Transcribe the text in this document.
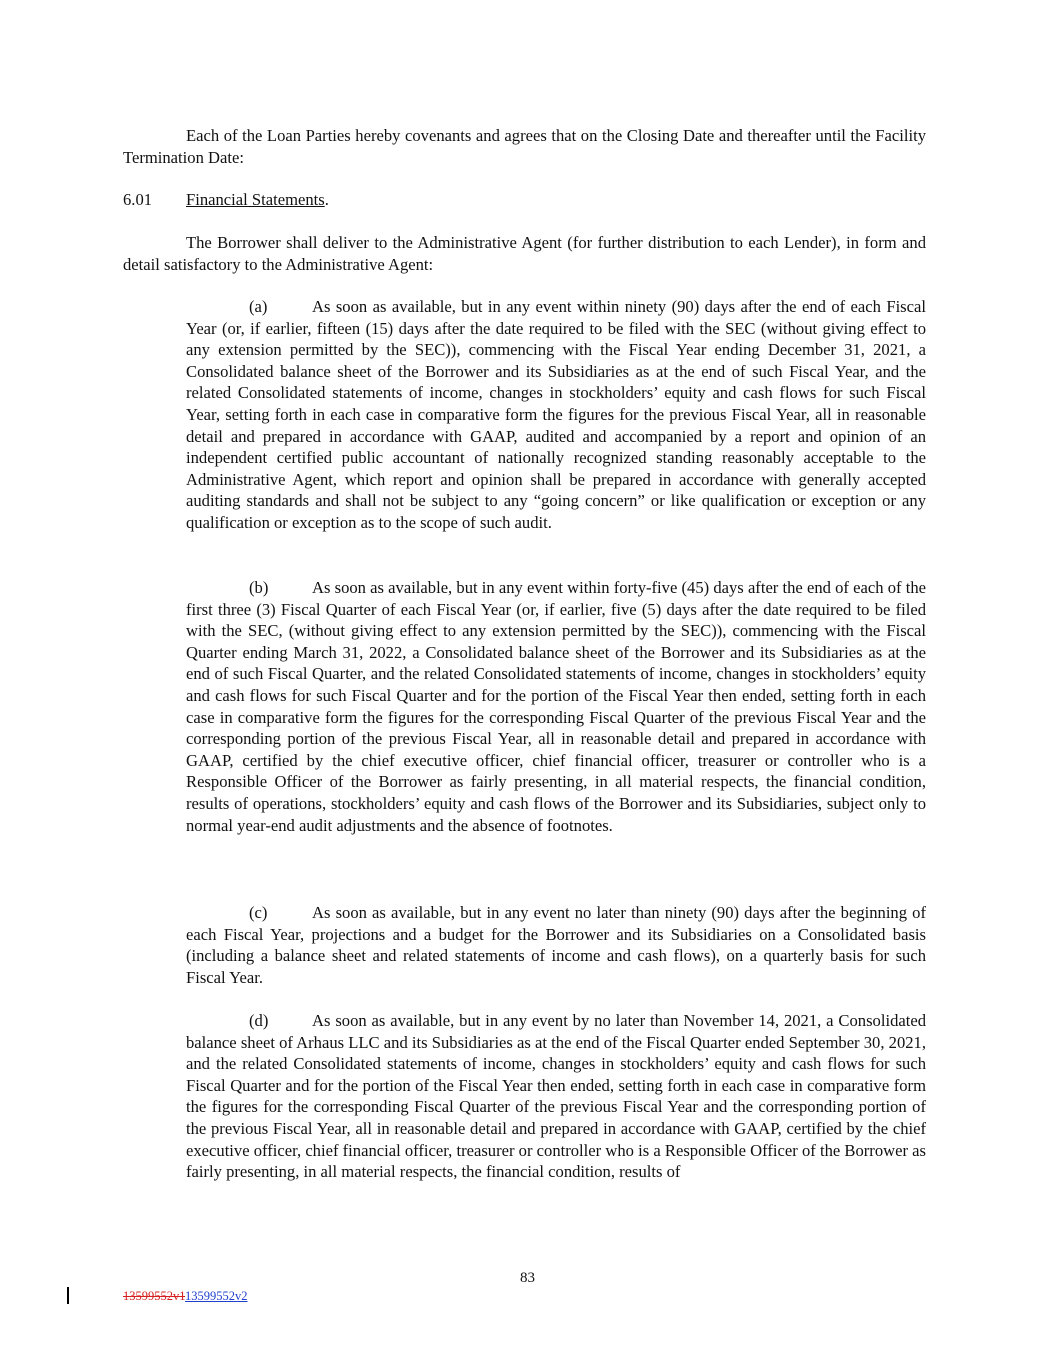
Each of the Loan Parties hereby covenants and agrees that on the Closing Date and thereafter until the Facility Termination Date:

6.01 Financial Statements.

The Borrower shall deliver to the Administrative Agent (for further distribution to each Lender), in form and detail satisfactory to the Administrative Agent:

(a)	As soon as available, but in any event within ninety (90) days after the end of each Fiscal Year (or, if earlier, fifteen (15) days after the date required to be filed with the SEC (without giving effect to any extension permitted by the SEC)), commencing with the Fiscal Year ending December 31, 2021, a Consolidated balance sheet of the Borrower and its Subsidiaries as at the end of such Fiscal Year, and the related Consolidated statements of income, changes in stockholders’ equity and cash flows for such Fiscal Year, setting forth in each case in comparative form the figures for the previous Fiscal Year, all in reasonable detail and prepared in accordance with GAAP, audited and accompanied by a report and opinion of an independent certified public accountant of nationally recognized standing reasonably acceptable to the Administrative Agent, which report and opinion shall be prepared in accordance with generally accepted auditing standards and shall not be subject to any “going concern” or like qualification or exception or any qualification or exception as to the scope of such audit.

(b)	As soon as available, but in any event within forty-five (45) days after the end of each of the first three (3) Fiscal Quarter of each Fiscal Year (or, if earlier, five (5) days after the date required to be filed with the SEC, (without giving effect to any extension permitted by the SEC)), commencing with the Fiscal Quarter ending March 31, 2022, a Consolidated balance sheet of the Borrower and its Subsidiaries as at the end of such Fiscal Quarter, and the related Consolidated statements of income, changes in stockholders’ equity and cash flows for such Fiscal Quarter and for the portion of the Fiscal Year then ended, setting forth in each case in comparative form the figures for the corresponding Fiscal Quarter of the previous Fiscal Year and the corresponding portion of the previous Fiscal Year, all in reasonable detail and prepared in accordance with GAAP, certified by the chief executive officer, chief financial officer, treasurer or controller who is a Responsible Officer of the Borrower as fairly presenting, in all material respects, the financial condition, results of operations, stockholders’ equity and cash flows of the Borrower and its Subsidiaries, subject only to normal year-end audit adjustments and the absence of footnotes.

(c)	As soon as available, but in any event no later than ninety (90) days after the beginning of each Fiscal Year, projections and a budget for the Borrower and its Subsidiaries on a Consolidated basis (including a balance sheet and related statements of income and cash flows), on a quarterly basis for such Fiscal Year.

(d)	As soon as available, but in any event by no later than November 14, 2021, a Consolidated balance sheet of Arhaus LLC and its Subsidiaries as at the end of the Fiscal Quarter ended September 30, 2021, and the related Consolidated statements of income, changes in stockholders’ equity and cash flows for such Fiscal Quarter and for the portion of the Fiscal Year then ended, setting forth in each case in comparative form the figures for the corresponding Fiscal Quarter of the previous Fiscal Year and the corresponding portion of the previous Fiscal Year, all in reasonable detail and prepared in accordance with GAAP, certified by the chief executive officer, chief financial officer, treasurer or controller who is a Responsible Officer of the Borrower as fairly presenting, in all material respects, the financial condition, results of

83
13599552v113599552v2
